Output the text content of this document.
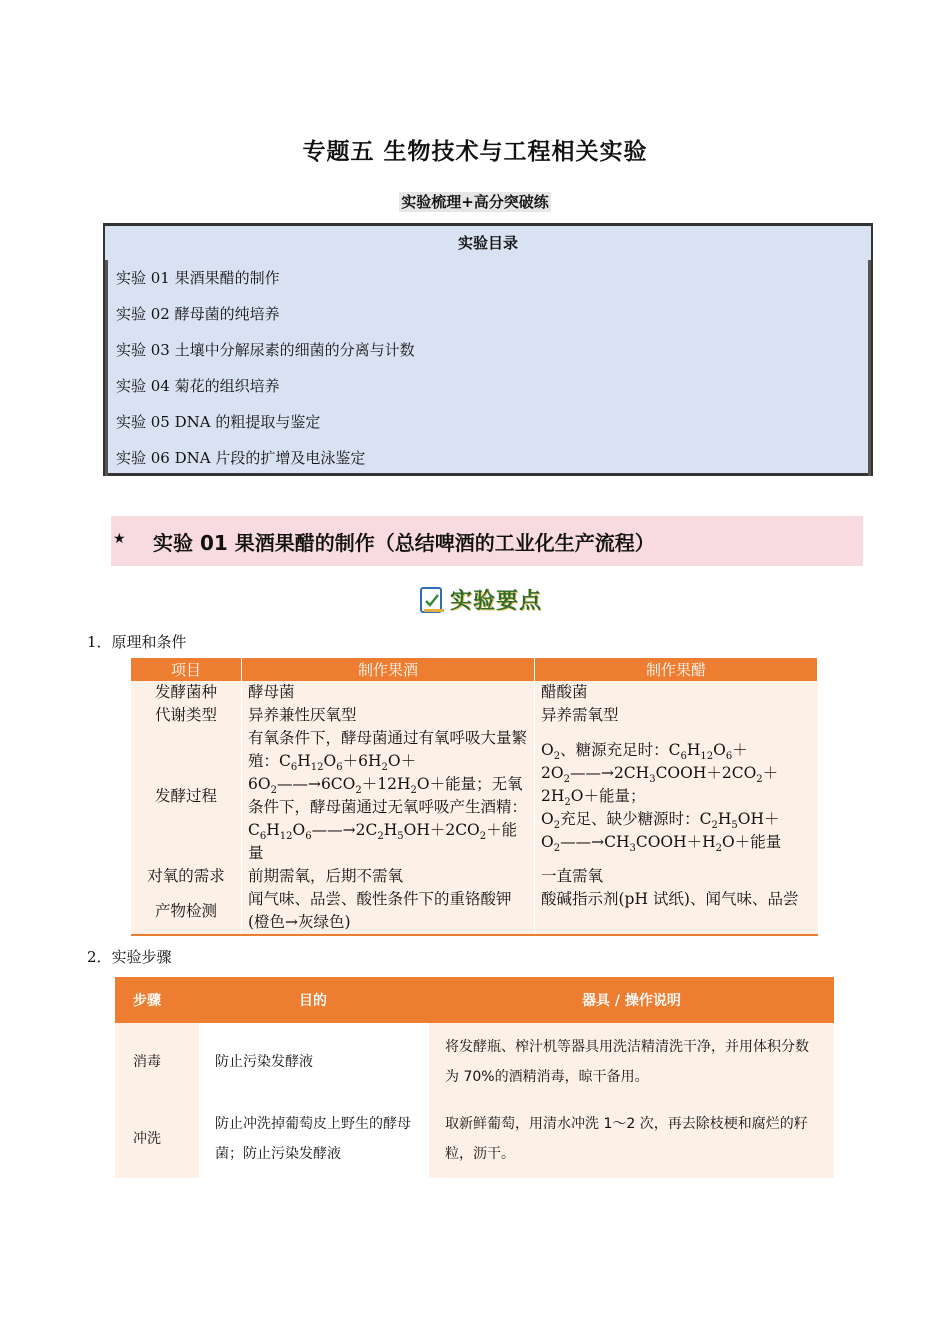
专题五 生物技术与工程相关实验
实验梳理+高分突破练
实验目录
实验 01 果酒果醋的制作
实验 02 酵母菌的纯培养
实验 03 土壤中分解尿素的细菌的分离与计数
实验 04 菊花的组织培养
实验 05 DNA 的粗提取与鉴定
实验 06 DNA 片段的扩增及电泳鉴定
★ 实验 01 果酒果醋的制作（总结啤酒的工业化生产流程）
实验要点
1．原理和条件
项目	制作果酒	制作果醋
发酵菌种	酵母菌	醋酸菌
代谢类型	异养兼性厌氧型	异养需氧型
发酵过程	有氧条件下，酵母菌通过有氧呼吸大量繁殖：$C_6H_{12}O_6+6H_2O+$
$6O_2——\to 6CO_2+12H_2O+$能量；无氧条件下，酵母菌通过无氧呼吸产生酒精：$C_6H_{12}O_6——\to 2C_2H_5OH+2CO_2+$能量	$O_2$、糖源充足时：$C_6H_{12}O_6+$
$2O_2——\to 2CH_3COOH+2CO_2+2H_2O+$能量；
$O_2$充足、缺少糖源时：$C_2H_5OH+$
$O_2——\to CH_3COOH+H_2O+$能量
对氧的需求	前期需氧，后期不需氧	一直需氧
产物检测	闻气味、品尝、酸性条件下的重铬酸钾(橙色→灰绿色)	酸碱指示剂(pH 试纸)、闻气味、品尝
2．实验步骤
步骤	目的	器具 / 操作说明
消毒	防止污染发酵液	将发酵瓶、榨汁机等器具用洗洁精清洗干净，并用体积分数为 70%的酒精消毒，晾干备用。
冲洗	防止冲洗掉葡萄皮上野生的酵母菌；防止污染发酵液	取新鲜葡萄，用清水冲洗 1～2 次，再去除枝梗和腐烂的籽粒，沥干。
